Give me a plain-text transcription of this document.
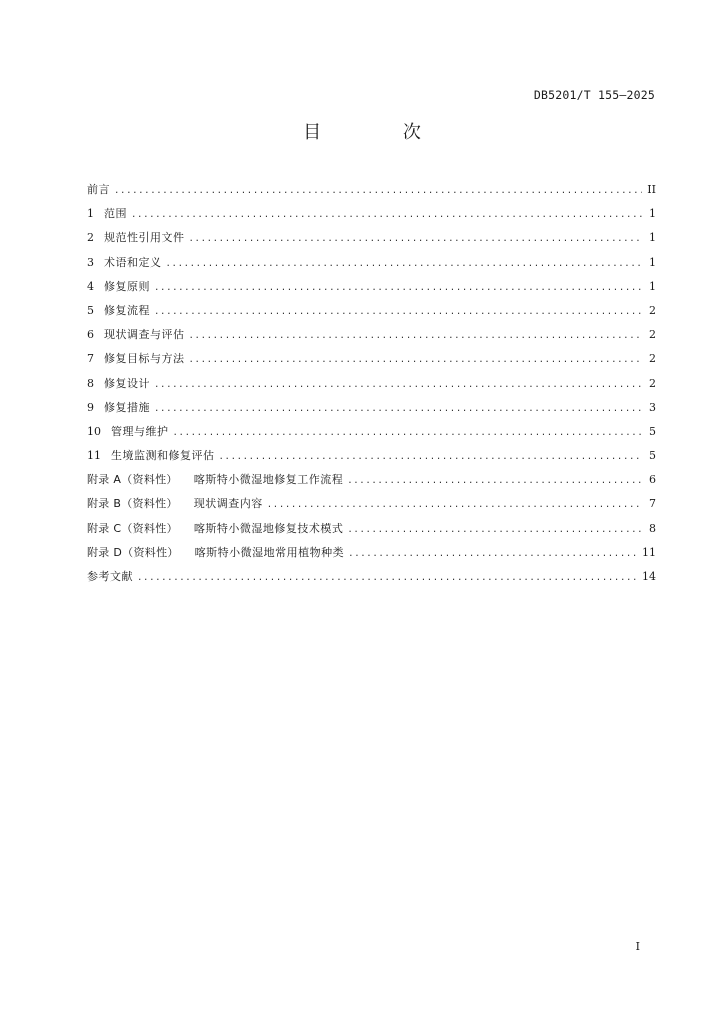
DB5201/T 155—2025
目 次
前言 . . .	II
1 范围 . . .	1
2 规范性引用文件 . . .	1
3 术语和定义 . . .	1
4 修复原则 . . .	1
5 修复流程 . . .	2
6 现状调查与评估 . . .	2
7 修复目标与方法 . . .	2
8 修复设计 . . .	2
9 修复措施 . . .	3
10 管理与维护 . . .	5
11 生境监测和修复评估 . . .	5
附录 A（资料性） 喀斯特小微湿地修复工作流程 . . .	6
附录 B（资料性） 现状调查内容 . . .	7
附录 C（资料性） 喀斯特小微湿地修复技术模式 . . .	8
附录 D（资料性） 喀斯特小微湿地常用植物种类 . . .	11
参考文献 . . .	14
I
